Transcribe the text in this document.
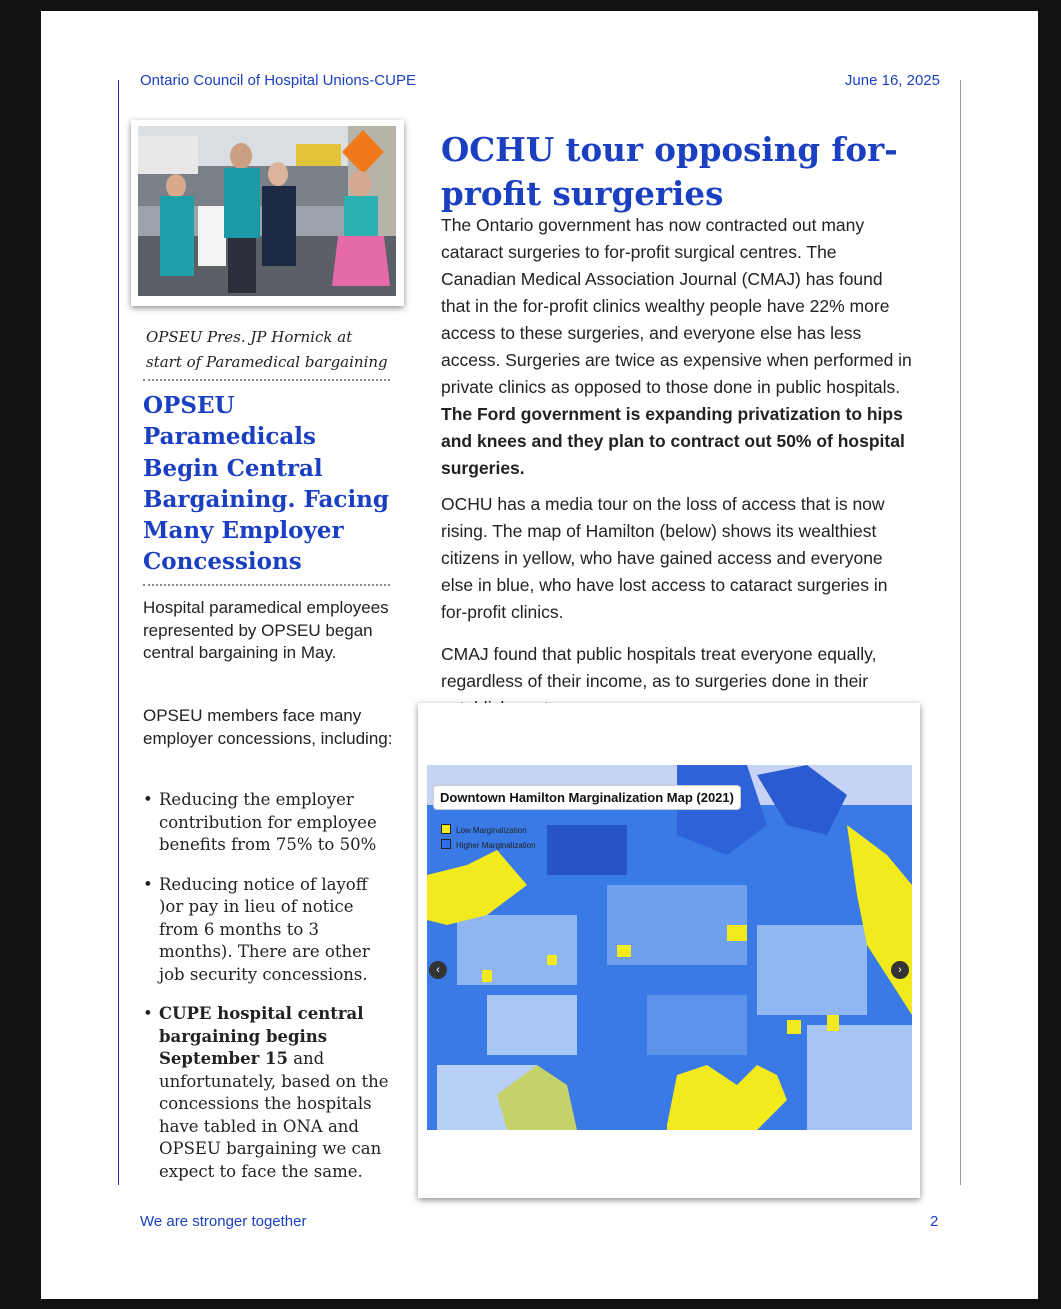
Ontario Council of Hospital Unions-CUPE	June 16, 2025
OPSEU Pres. JP Hornick at start of Paramedical bargaining
OPSEU Paramedicals Begin Central Bargaining. Facing Many Employer Concessions
Hospital paramedical employees represented by OPSEU began central bargaining in May.
OPSEU members face many employer concessions, including:
• Reducing the employer contribution for employee benefits from 75% to 50%
• Reducing notice of layoff )or pay in lieu of notice from 6 months to 3 months). There are other job security concessions.
• CUPE hospital central bargaining begins September 15 and unfortunately, based on the concessions the hospitals have tabled in ONA and OPSEU bargaining we can expect to face the same.
OCHU tour opposing for-profit surgeries
The Ontario government has now contracted out many cataract surgeries to for-profit surgical centres. The Canadian Medical Association Journal (CMAJ) has found that in the for-profit clinics wealthy people have 22% more access to these surgeries, and everyone else has less access. Surgeries are twice as expensive when performed in private clinics as opposed to those done in public hospitals. The Ford government is expanding privatization to hips and knees and they plan to contract out 50% of hospital surgeries.
OCHU has a media tour on the loss of access that is now rising. The map of Hamilton (below) shows its wealthiest citizens in yellow, who have gained access and everyone else in blue, who have lost access to cataract surgeries in for-profit clinics.
CMAJ found that public hospitals treat everyone equally, regardless of their income, as to surgeries done in their
Downtown Hamilton Marginalization Map (2021)
Low Marginalization
Higher Marginalization
‹	›
We are stronger together	2
